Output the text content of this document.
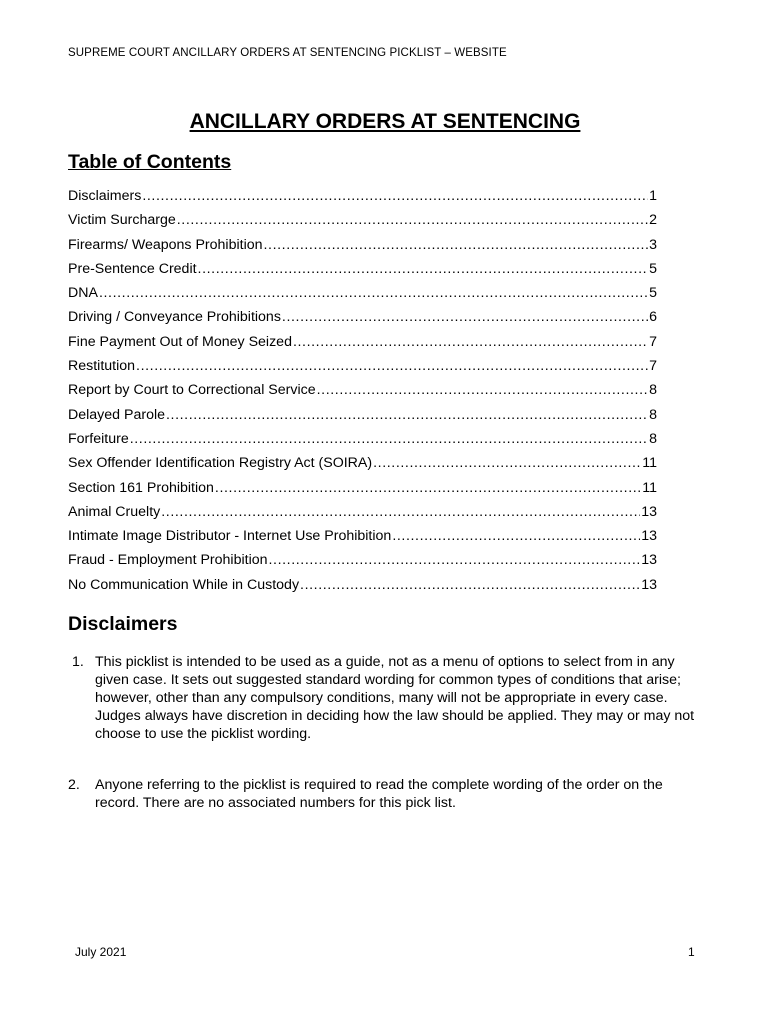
SUPREME COURT ANCILLARY ORDERS AT SENTENCING PICKLIST – WEBSITE
ANCILLARY ORDERS AT SENTENCING
Table of Contents
Disclaimers .....	1
Victim Surcharge .....	2
Firearms/ Weapons Prohibition .....	3
Pre-Sentence Credit .....	5
DNA .....	5
Driving / Conveyance Prohibitions .....	6
Fine Payment Out of Money Seized .....	7
Restitution .....	7
Report by Court to Correctional Service .....	8
Delayed Parole .....	8
Forfeiture .....	8
Sex Offender Identification Registry Act (SOIRA) .....	11
Section 161 Prohibition .....	11
Animal Cruelty .....	13
Intimate Image Distributor - Internet Use Prohibition .....	13
Fraud - Employment Prohibition .....	13
No Communication While in Custody .....	13
Disclaimers
1. This picklist is intended to be used as a guide, not as a menu of options to select from in any given case. It sets out suggested standard wording for common types of conditions that arise; however, other than any compulsory conditions, many will not be appropriate in every case. Judges always have discretion in deciding how the law should be applied. They may or may not choose to use the picklist wording.
2.	Anyone referring to the picklist is required to read the complete wording of the order on the record. There are no associated numbers for this pick list.
July 2021	1
